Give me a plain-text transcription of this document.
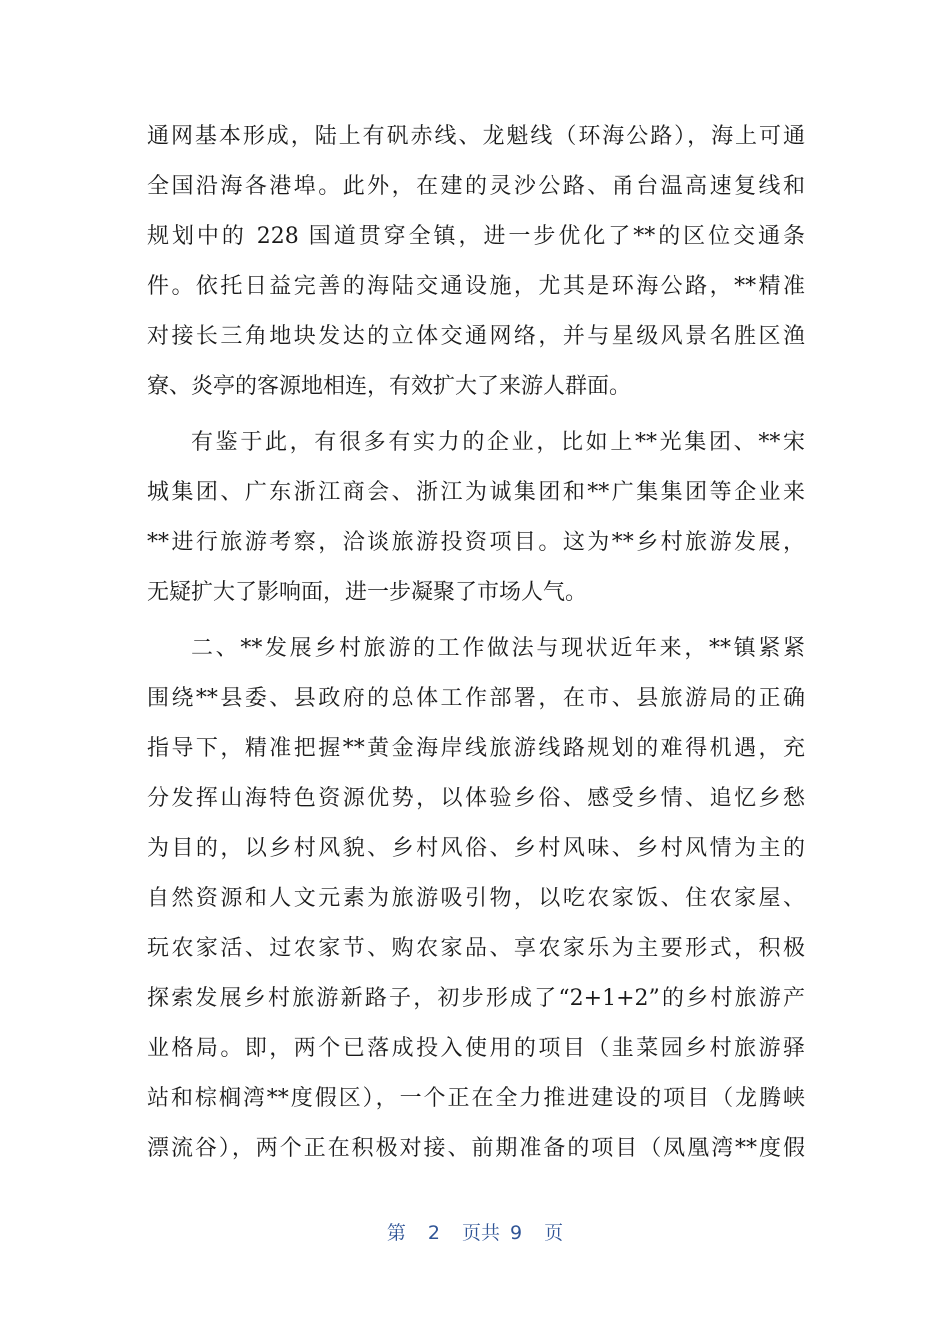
通网基本形成，陆上有矾赤线、龙魁线（环海公路），海上可通
全国沿海各港埠。此外，在建的灵沙公路、甬台温高速复线和
规划中的 228 国道贯穿全镇，进一步优化了**的区位交通条
件。依托日益完善的海陆交通设施，尤其是环海公路，**精准
对接长三角地块发达的立体交通网络，并与星级风景名胜区渔
寮、炎亭的客源地相连，有效扩大了来游人群面。
有鉴于此，有很多有实力的企业，比如上**光集团、**宋
城集团、广东浙江商会、浙江为诚集团和**广集集团等企业来
**进行旅游考察，洽谈旅游投资项目。这为**乡村旅游发展，
无疑扩大了影响面，进一步凝聚了市场人气。
二、**发展乡村旅游的工作做法与现状近年来，**镇紧紧
围绕**县委、县政府的总体工作部署，在市、县旅游局的正确
指导下，精准把握**黄金海岸线旅游线路规划的难得机遇，充
分发挥山海特色资源优势，以体验乡俗、感受乡情、追忆乡愁
为目的，以乡村风貌、乡村风俗、乡村风味、乡村风情为主的
自然资源和人文元素为旅游吸引物，以吃农家饭、住农家屋、
玩农家活、过农家节、购农家品、享农家乐为主要形式，积极
探索发展乡村旅游新路子，初步形成了“2+1+2”的乡村旅游产
业格局。即，两个已落成投入使用的项目（韭菜园乡村旅游驿
站和棕榈湾**度假区），一个正在全力推进建设的项目（龙腾峡
漂流谷），两个正在积极对接、前期准备的项目（凤凰湾**度假
第 2 页共 9 页
